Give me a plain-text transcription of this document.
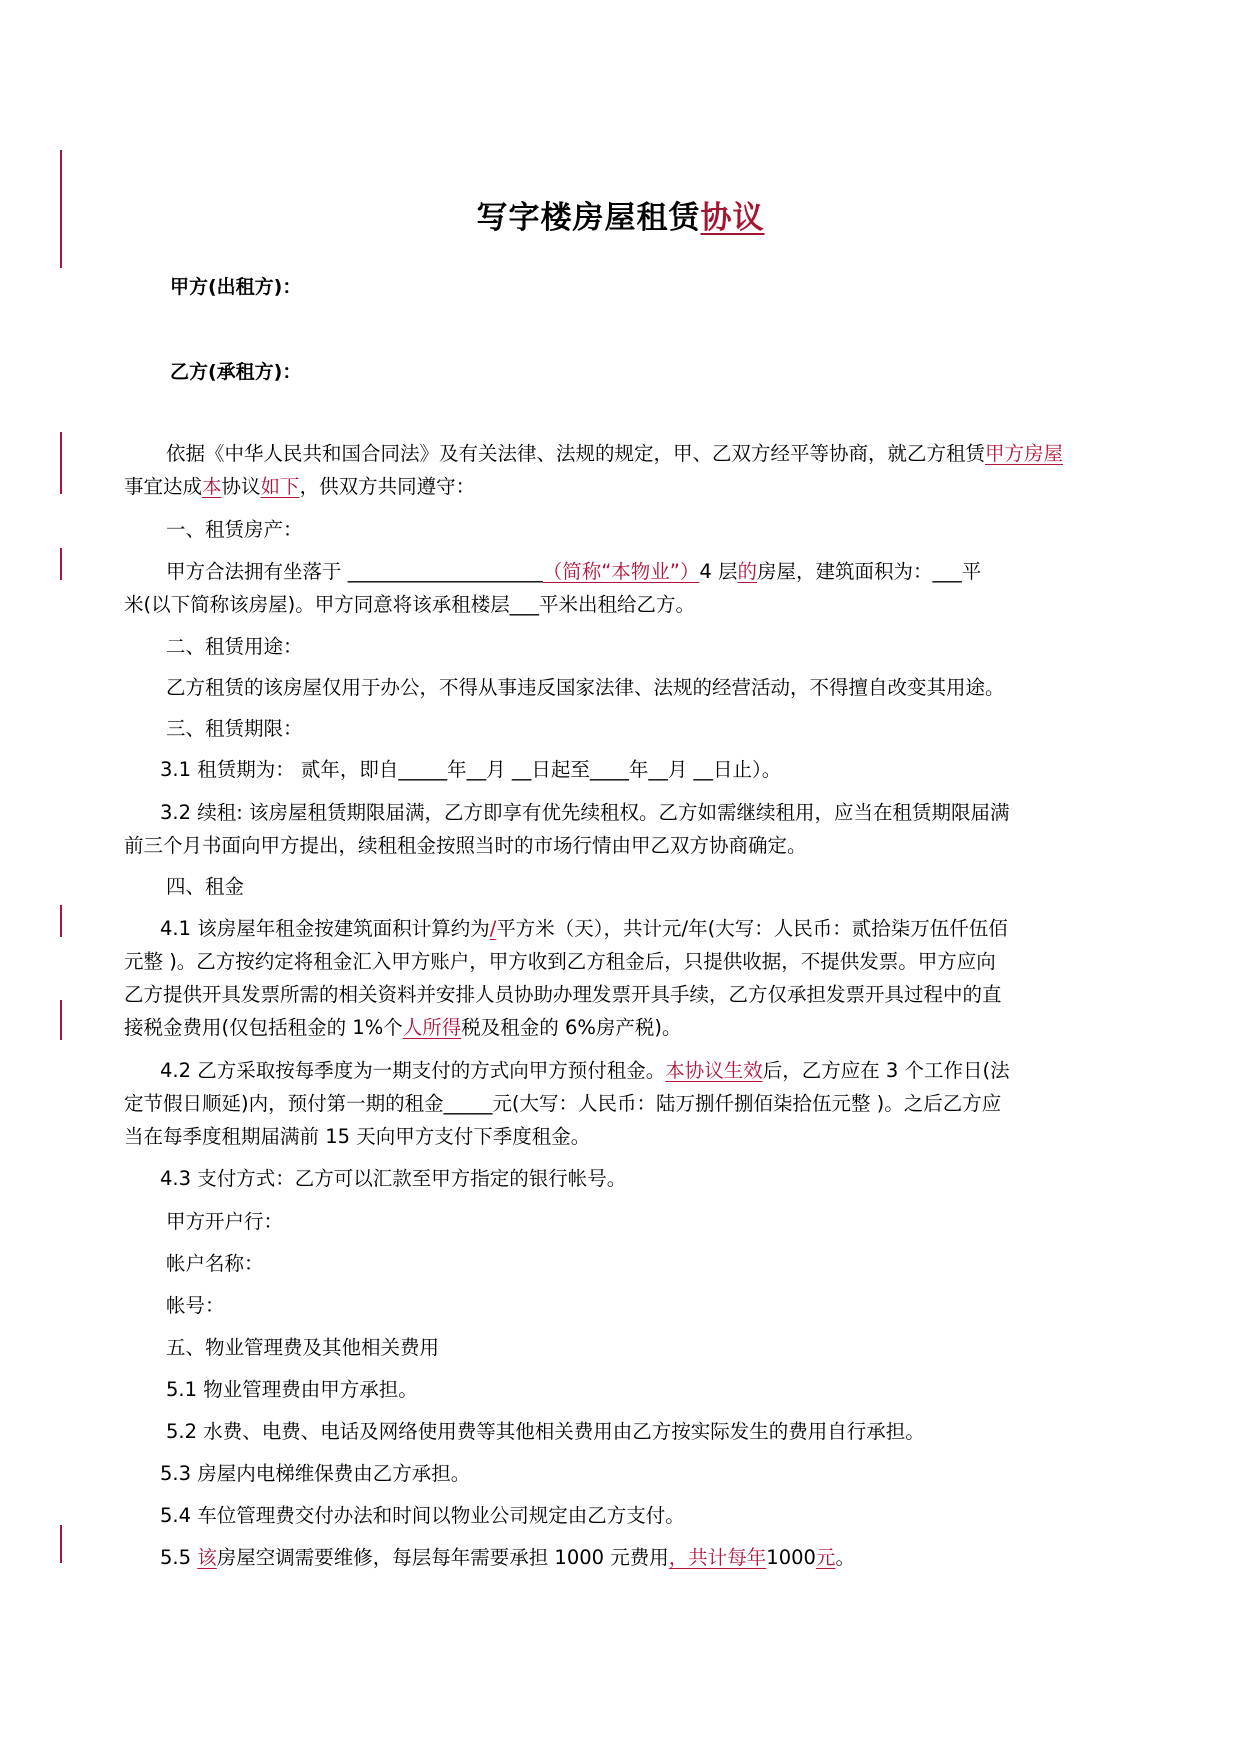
写字楼房屋租赁协议
甲方(出租方)：
乙方(承租方)：
依据《中华人民共和国合同法》及有关法律、法规的规定，甲、乙双方经平等协商，就乙方租赁甲方房屋
事宜达成本协议如下，供双方共同遵守：
一、租赁房产：
甲方合法拥有坐落于 ____________________（简称“本物业”）4 层的房屋，建筑面积为：___平
米(以下简称该房屋)。甲方同意将该承租楼层___平米出租给乙方。
二、租赁用途：
乙方租赁的该房屋仅用于办公，不得从事违反国家法律、法规的经营活动，不得擅自改变其用途。
三、租赁期限：
3.1 租赁期为： 贰年，即自_____年__月 __日起至____年__月 __日止）。
3.2 续租: 该房屋租赁期限届满，乙方即享有优先续租权。乙方如需继续租用，应当在租赁期限届满
前三个月书面向甲方提出，续租租金按照当时的市场行情由甲乙双方协商确定。
四、租金
4.1 该房屋年租金按建筑面积计算约为/平方米（天），共计元/年(大写：人民币：贰拾柒万伍仟伍佰
元整 )。乙方按约定将租金汇入甲方账户，甲方收到乙方租金后，只提供收据，不提供发票。甲方应向
乙方提供开具发票所需的相关资料并安排人员协助办理发票开具手续，乙方仅承担发票开具过程中的直
接税金费用(仅包括租金的 1%个人所得税及租金的 6%房产税)。
4.2 乙方采取按每季度为一期支付的方式向甲方预付租金。本协议生效后，乙方应在 3 个工作日(法
定节假日顺延)内，预付第一期的租金_____元(大写：人民币：陆万捌仟捌佰柒拾伍元整 )。之后乙方应
当在每季度租期届满前 15 天向甲方支付下季度租金。
4.3 支付方式：乙方可以汇款至甲方指定的银行帐号。
甲方开户行：
帐户名称：
帐号：
五、物业管理费及其他相关费用
5.1 物业管理费由甲方承担。
5.2 水费、电费、电话及网络使用费等其他相关费用由乙方按实际发生的费用自行承担。
5.3 房屋内电梯维保费由乙方承担。
5.4 车位管理费交付办法和时间以物业公司规定由乙方支付。
5.5 该房屋空调需要维修，每层每年需要承担 1000 元费用，共计每年1000元。
